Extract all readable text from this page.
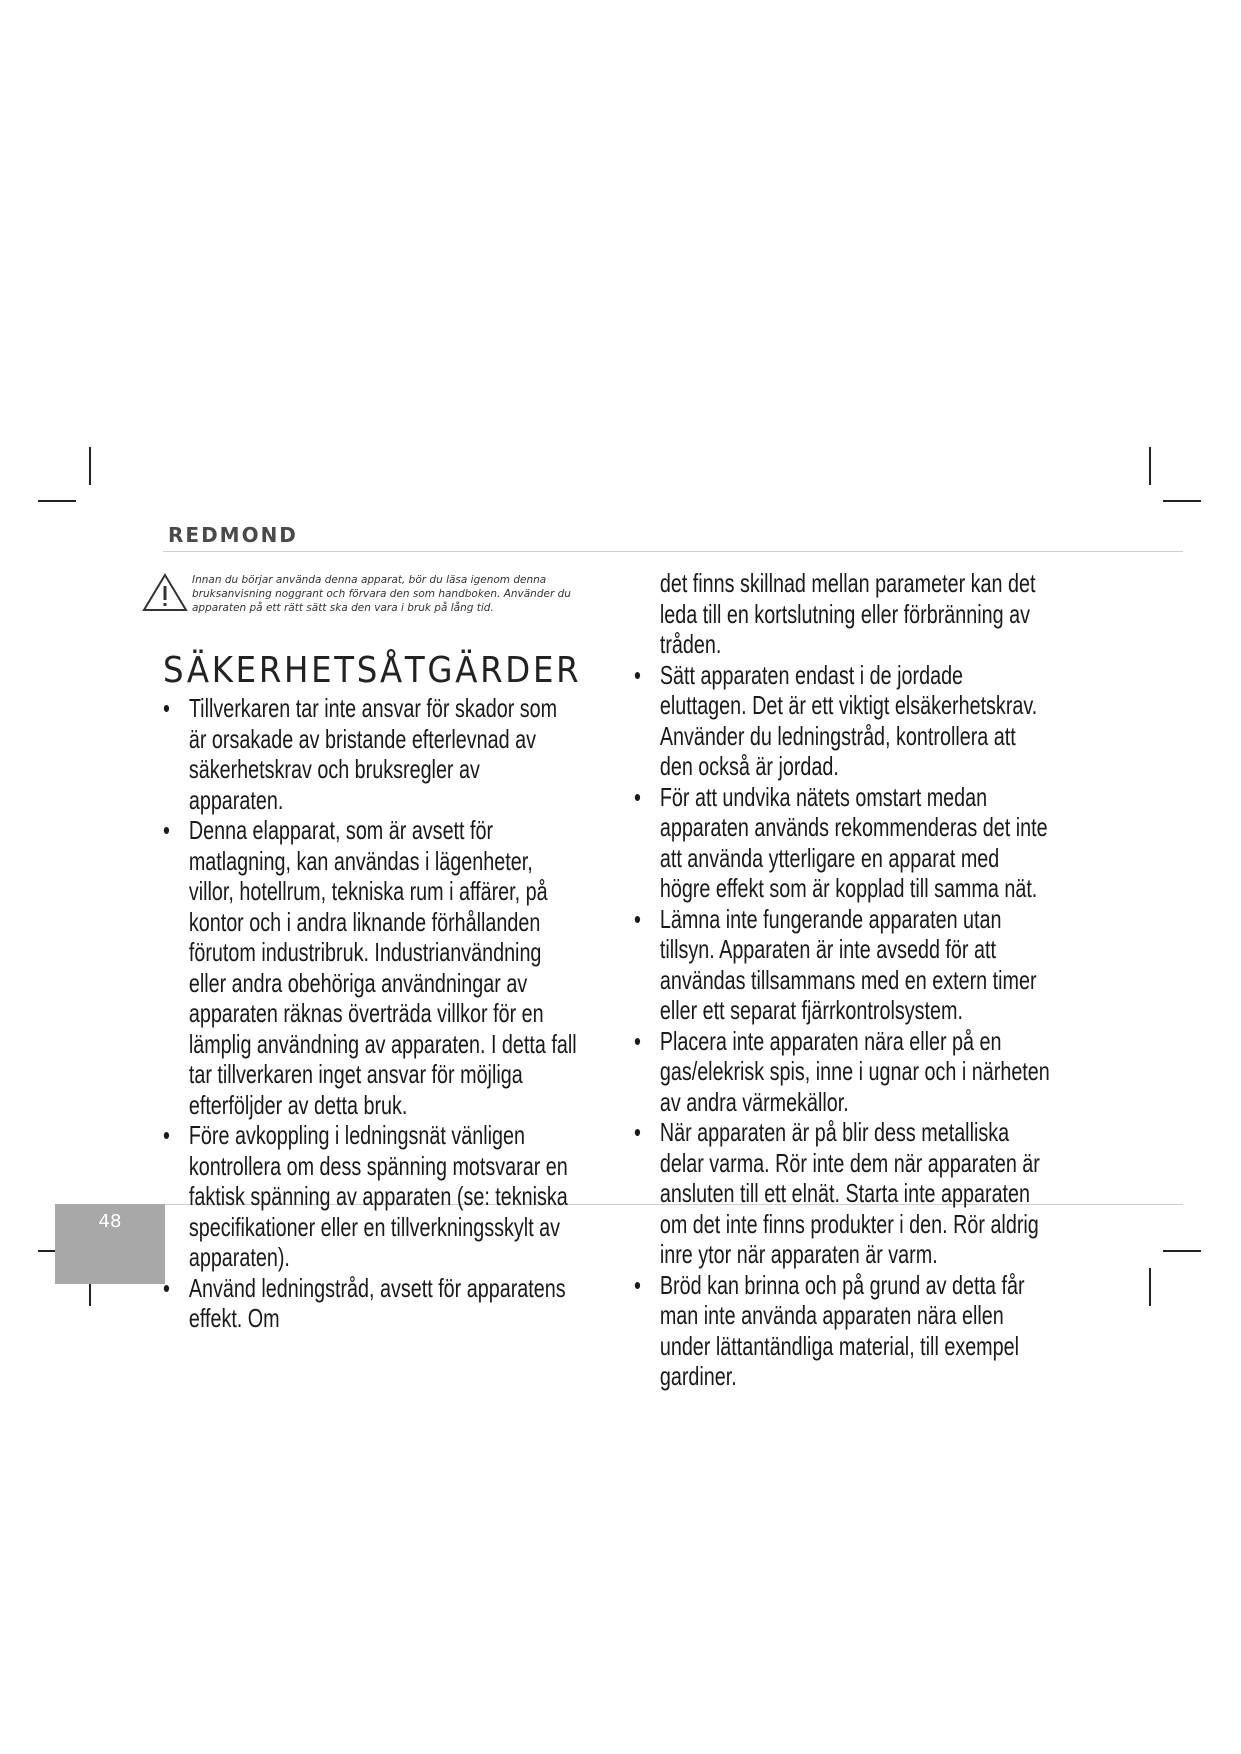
REDMOND

Innan du börjar använda denna apparat, bör du läsa igenom denna bruksanvisning noggrant och förvara den som handboken. Använder du apparaten på ett rätt sätt ska den vara i bruk på lång tid.

SÄKERHETSÅTGÄRDER
• Tillverkaren tar inte ansvar för skador som är orsakade av bristande efterlevnad av säkerhetskrav och bruksregler av apparaten.
• Denna elapparat, som är avsett för matlagning, kan användas i lägenheter, villor, hotellrum, tekniska rum i affärer, på kontor och i andra liknande förhållanden förutom industribruk. Industrianvändning eller andra obehöriga användningar av apparaten räknas överträda villkor för en lämplig användning av apparaten. I detta fall tar tillverkaren inget ansvar för möjliga efterföljder av detta bruk.
• Före avkoppling i ledningsnät vänligen kontrollera om dess spänning motsvarar en faktisk spänning av apparaten (se: tekniska specifikationer eller en tillverkningsskylt av apparaten).
• Använd ledningstråd, avsett för apparatens effekt. Om
det finns skillnad mellan parameter kan det leda till en kortslutning eller förbränning av tråden.
• Sätt apparaten endast i de jordade eluttagen. Det är ett viktigt elsäkerhetskrav. Använder du ledningstråd, kontrollera att den också är jordad.
• För att undvika nätets omstart medan apparaten används rekommenderas det inte att använda ytterligare en apparat med högre effekt som är kopplad till samma nät.
• Lämna inte fungerande apparaten utan tillsyn. Apparaten är inte avsedd för att användas tillsammans med en extern timer eller ett separat fjärrkontrolsystem.
• Placera inte apparaten nära eller på en gas/elekrisk spis, inne i ugnar och i närheten av andra värmekällor.
• När apparaten är på blir dess metalliska delar varma. Rör inte dem när apparaten är ansluten till ett elnät. Starta inte apparaten om det inte finns produkter i den. Rör aldrig inre ytor när apparaten är varm.
• Bröd kan brinna och på grund av detta får man inte använda apparaten nära ellen under lättantändliga material, till exempel gardiner.
48
